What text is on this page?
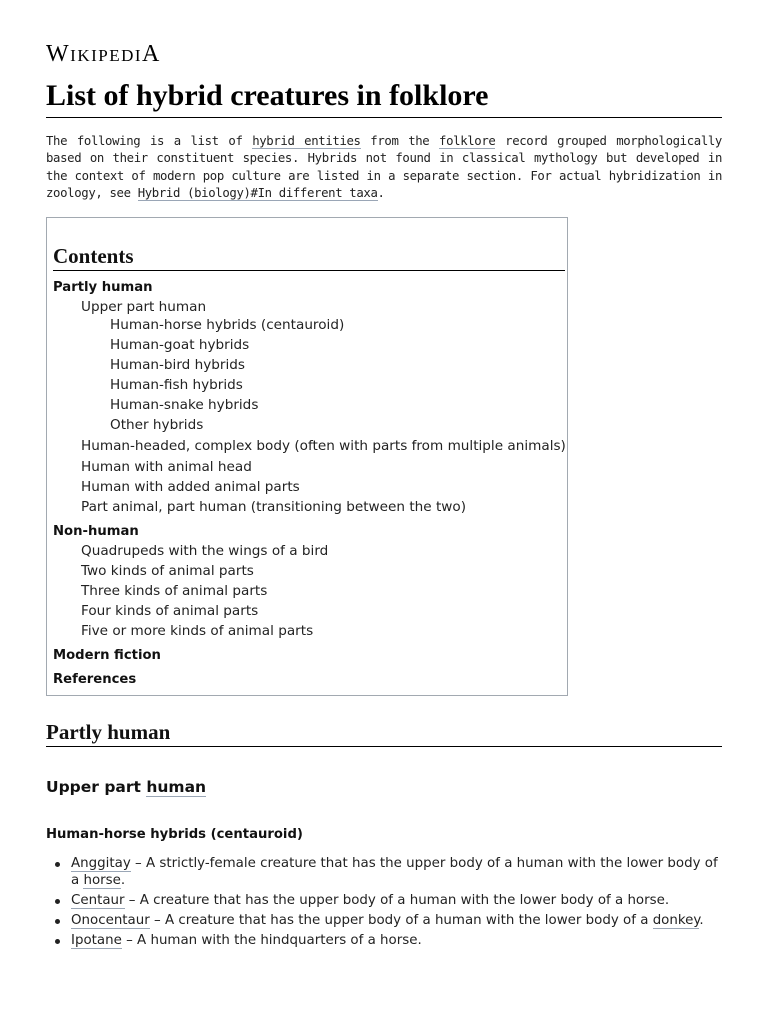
WIKIPEDIA
List of hybrid creatures in folklore

The following is a list of hybrid entities from the folklore record grouped morphologically based on their constituent species. Hybrids not found in classical mythology but developed in the context of modern pop culture are listed in a separate section. For actual hybridization in zoology, see Hybrid (biology)#In different taxa.

Contents
Partly human
Upper part human
Human-horse hybrids (centauroid)
Human-goat hybrids
Human-bird hybrids
Human-fish hybrids
Human-snake hybrids
Other hybrids
Human-headed, complex body (often with parts from multiple animals)
Human with animal head
Human with added animal parts
Part animal, part human (transitioning between the two)
Non-human
Quadrupeds with the wings of a bird
Two kinds of animal parts
Three kinds of animal parts
Four kinds of animal parts
Five or more kinds of animal parts
Modern fiction
References
Partly human
Upper part human
Human-horse hybrids (centauroid)
Anggitay – A strictly-female creature that has the upper body of a human with the lower body of a horse.
Centaur – A creature that has the upper body of a human with the lower body of a horse.
Onocentaur – A creature that has the upper body of a human with the lower body of a donkey.
Ipotane – A human with the hindquarters of a horse.
